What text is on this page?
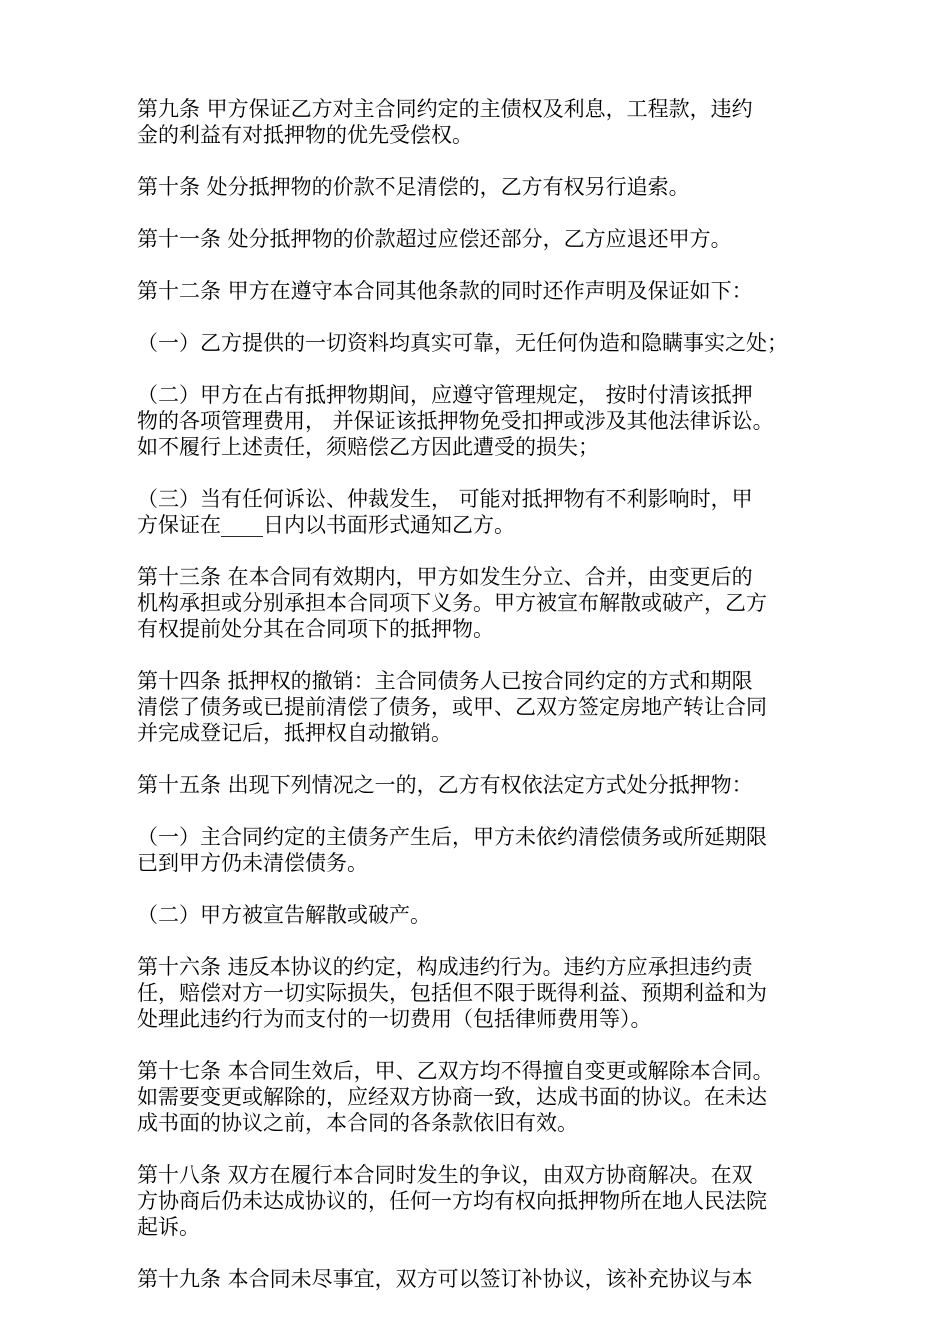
第九条 甲方保证乙方对主合同约定的主债权及利息，工程款，违约
金的利益有对抵押物的优先受偿权。
第十条 处分抵押物的价款不足清偿的，乙方有权另行追索。
第十一条 处分抵押物的价款超过应偿还部分，乙方应退还甲方。
第十二条 甲方在遵守本合同其他条款的同时还作声明及保证如下：
（一）乙方提供的一切资料均真实可靠，无任何伪造和隐瞒事实之处；
（二）甲方在占有抵押物期间，应遵守管理规定， 按时付清该抵押
物的各项管理费用， 并保证该抵押物免受扣押或涉及其他法律诉讼。
如不履行上述责任，须赔偿乙方因此遭受的损失；
（三）当有任何诉讼、仲裁发生， 可能对抵押物有不利影响时，甲
方保证在____日内以书面形式通知乙方。
第十三条 在本合同有效期内，甲方如发生分立、合并，由变更后的
机构承担或分别承担本合同项下义务。甲方被宣布解散或破产，乙方
有权提前处分其在合同项下的抵押物。
第十四条 抵押权的撤销：主合同债务人已按合同约定的方式和期限
清偿了债务或已提前清偿了债务，或甲、乙双方签定房地产转让合同
并完成登记后，抵押权自动撤销。
第十五条 出现下列情况之一的，乙方有权依法定方式处分抵押物：
（一）主合同约定的主债务产生后，甲方未依约清偿债务或所延期限
已到甲方仍未清偿债务。
（二）甲方被宣告解散或破产。
第十六条 违反本协议的约定，构成违约行为。违约方应承担违约责
任，赔偿对方一切实际损失，包括但不限于既得利益、预期利益和为
处理此违约行为而支付的一切费用（包括律师费用等）。
第十七条 本合同生效后，甲、乙双方均不得擅自变更或解除本合同。
如需要变更或解除的，应经双方协商一致，达成书面的协议。在未达
成书面的协议之前，本合同的各条款依旧有效。
第十八条 双方在履行本合同时发生的争议，由双方协商解决。在双
方协商后仍未达成协议的，任何一方均有权向抵押物所在地人民法院
起诉。
第十九条 本合同未尽事宜，双方可以签订补协议，该补充协议与本
